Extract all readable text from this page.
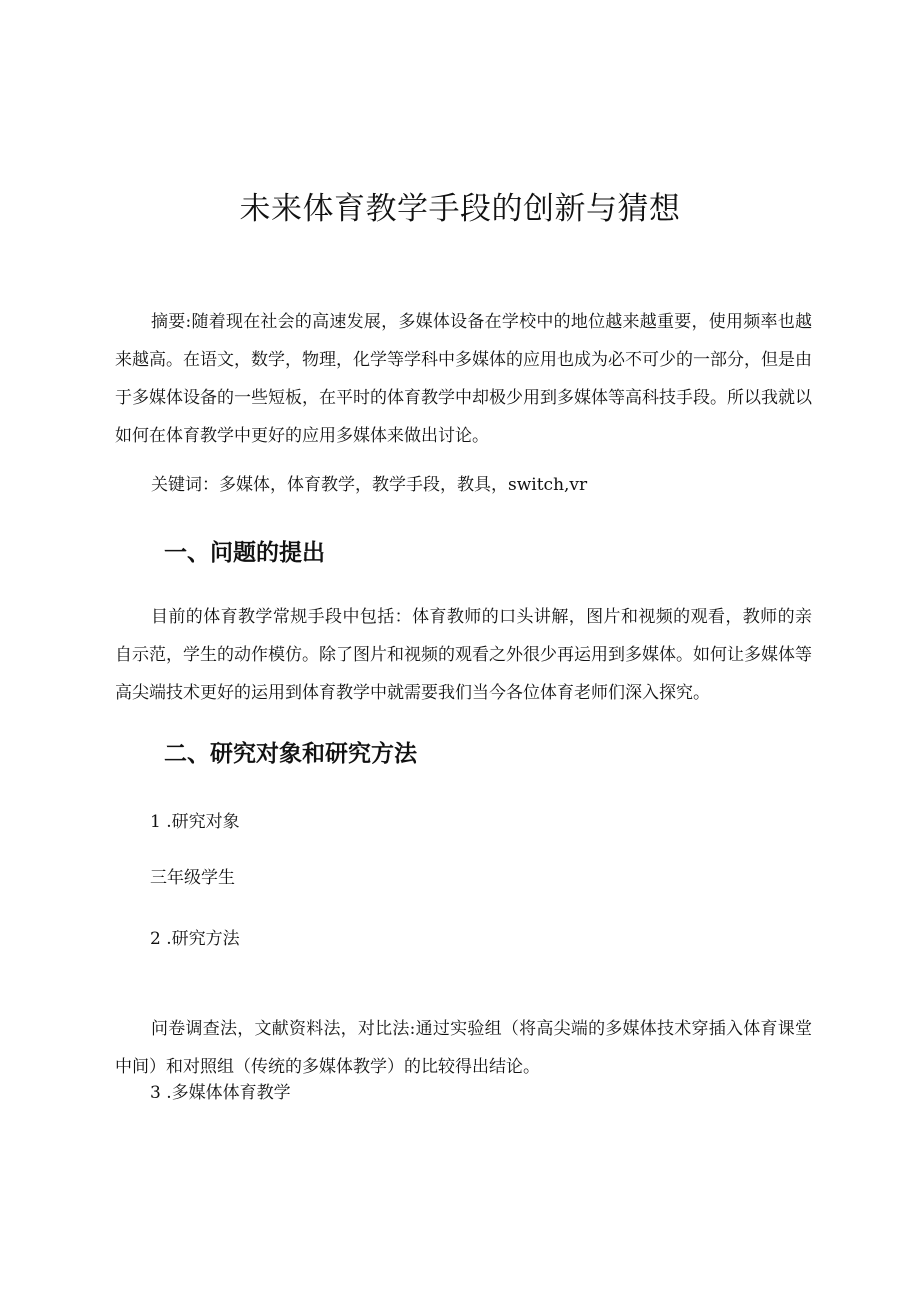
未来体育教学手段的创新与猜想

摘要:随着现在社会的高速发展，多媒体设备在学校中的地位越来越重要，使用频率也越来越高。在语文，数学，物理，化学等学科中多媒体的应用也成为必不可少的一部分，但是由于多媒体设备的一些短板，在平时的体育教学中却极少用到多媒体等高科技手段。所以我就以如何在体育教学中更好的应用多媒体来做出讨论。

关键词：多媒体，体育教学，教学手段，教具，switch,vr

一、问题的提出

目前的体育教学常规手段中包括：体育教师的口头讲解，图片和视频的观看，教师的亲自示范，学生的动作模仿。除了图片和视频的观看之外很少再运用到多媒体。如何让多媒体等高尖端技术更好的运用到体育教学中就需要我们当今各位体育老师们深入探究。

二、研究对象和研究方法

1 .研究对象

三年级学生

2 .研究方法

问卷调查法，文献资料法，对比法:通过实验组（将高尖端的多媒体技术穿插入体育课堂中间）和对照组（传统的多媒体教学）的比较得出结论。

3 .多媒体体育教学
